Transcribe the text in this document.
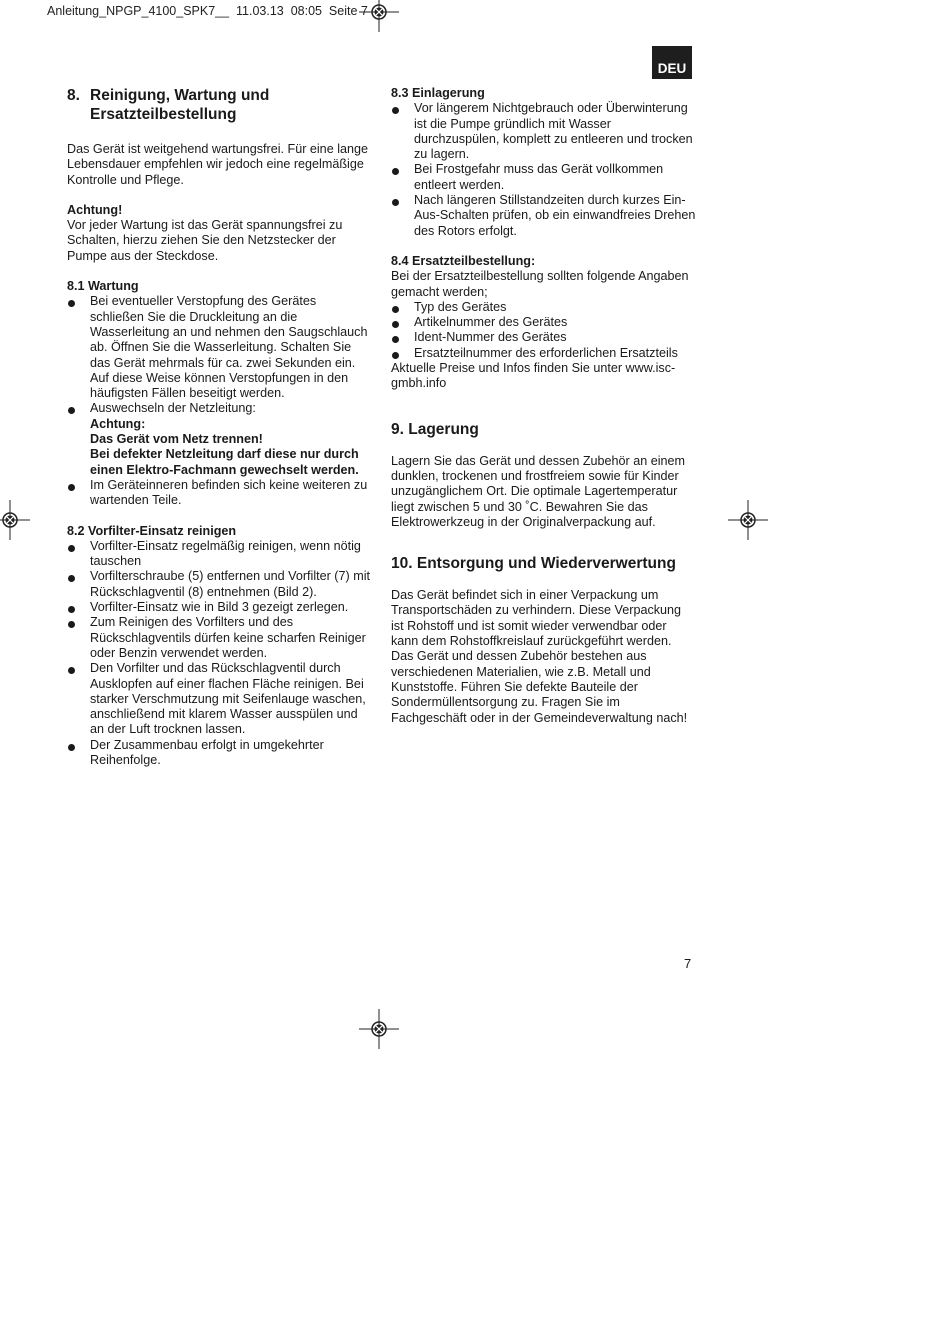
Anleitung_NPGP_4100_SPK7__  11.03.13  08:05  Seite 7
DEU
8. Reinigung, Wartung und Ersatzteilbestellung

Das Gerät ist weitgehend wartungsfrei. Für eine lange Lebensdauer empfehlen wir jedoch eine regelmäßige Kontrolle und Pflege.

Achtung!

Vor jeder Wartung ist das Gerät spannungsfrei zu Schalten, hierzu ziehen Sie den Netzstecker der Pumpe aus der Steckdose.

8.1 Wartung

Bei eventueller Verstopfung des Gerätes schließen Sie die Druckleitung an die Wasserleitung an und nehmen den Saugschlauch ab. Öffnen Sie die Wasserleitung. Schalten Sie das Gerät mehrmals für ca. zwei Sekunden ein. Auf diese Weise können Verstopfungen in den häufigsten Fällen beseitigt werden.
Auswechseln der Netzleitung:
Achtung:
Das Gerät vom Netz trennen!
Bei defekter Netzleitung darf diese nur durch einen Elektro-Fachmann gewechselt werden.
Im Geräteinneren befinden sich keine weiteren zu wartenden Teile.

8.2 Vorfilter-Einsatz reinigen

Vorfilter-Einsatz regelmäßig reinigen, wenn nötig tauschen
Vorfilterschraube (5) entfernen und Vorfilter (7) mit Rückschlagventil (8) entnehmen (Bild 2).
Vorfilter-Einsatz wie in Bild 3 gezeigt zerlegen.
Zum Reinigen des Vorfilters und des Rückschlagventils dürfen keine scharfen Reiniger oder Benzin verwendet werden.
Den Vorfilter und das Rückschlagventil durch Ausklopfen auf einer flachen Fläche reinigen. Bei starker Verschmutzung mit Seifenlauge waschen, anschließend mit klarem Wasser ausspülen und an der Luft trocknen lassen.
Der Zusammenbau erfolgt in umgekehrter Reihenfolge.

8.3 Einlagerung

Vor längerem Nichtgebrauch oder Überwinterung ist die Pumpe gründlich mit Wasser durchzuspülen, komplett zu entleeren und trocken zu lagern.
Bei Frostgefahr muss das Gerät vollkommen entleert werden.
Nach längeren Stillstandzeiten durch kurzes Ein-Aus-Schalten prüfen, ob ein einwandfreies Drehen des Rotors erfolgt.

8.4 Ersatzteilbestellung:

Bei der Ersatzteilbestellung sollten folgende Angaben gemacht werden;

Typ des Gerätes
Artikelnummer des Gerätes
Ident-Nummer des Gerätes
Ersatzteilnummer des erforderlichen Ersatzteils

Aktuelle Preise und Infos finden Sie unter www.isc-gmbh.info

9. Lagerung

Lagern Sie das Gerät und dessen Zubehör an einem dunklen, trockenen und frostfreiem sowie für Kinder unzugänglichem Ort. Die optimale Lagertemperatur liegt zwischen 5 und 30 ˚C. Bewahren Sie das Elektrowerkzeug in der Originalverpackung auf.

10. Entsorgung und Wiederverwertung

Das Gerät befindet sich in einer Verpackung um Transportschäden zu verhindern. Diese Verpackung ist Rohstoff und ist somit wieder verwendbar oder kann dem Rohstoffkreislauf zurückgeführt werden. Das Gerät und dessen Zubehör bestehen aus verschiedenen Materialien, wie z.B. Metall und Kunststoffe. Führen Sie defekte Bauteile der Sondermüllentsorgung zu. Fragen Sie im Fachgeschäft oder in der Gemeindeverwaltung nach!

7
